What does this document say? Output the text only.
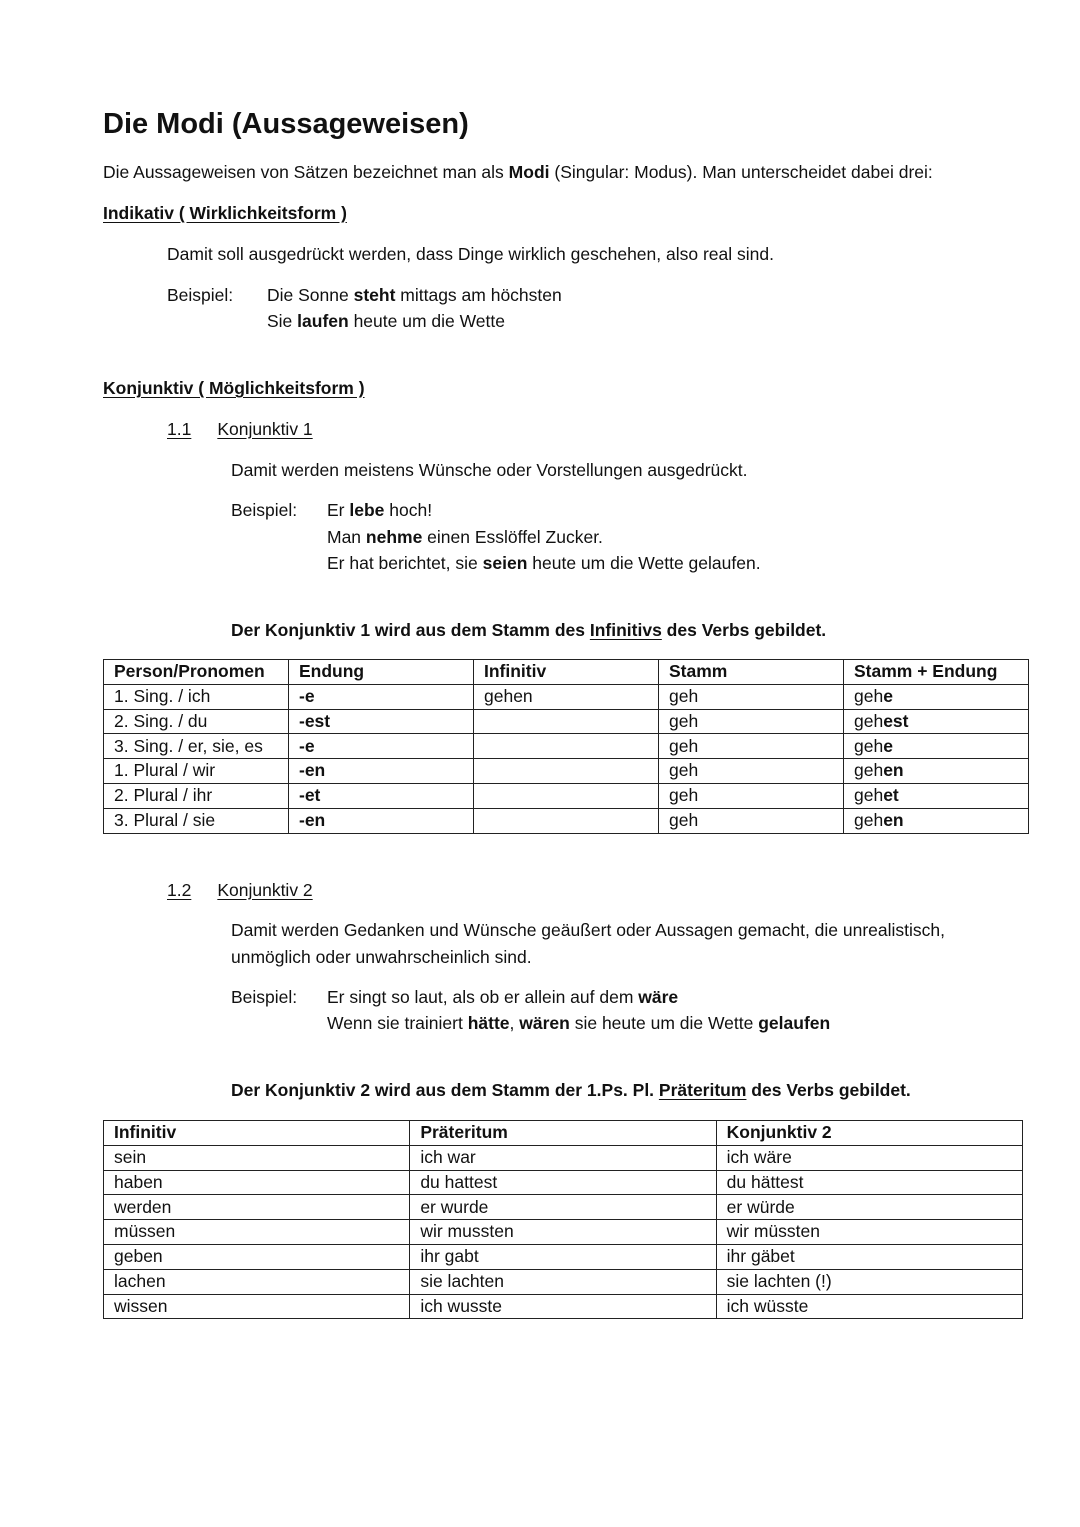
Die Modi (Aussageweisen)
Die Aussageweisen von Sätzen bezeichnet man als Modi (Singular: Modus). Man unterscheidet dabei drei:
Indikativ ( Wirklichkeitsform )
Damit soll ausgedrückt werden, dass Dinge wirklich geschehen, also real sind.
Beispiel: Die Sonne steht mittags am höchsten
Sie laufen heute um die Wette
Konjunktiv ( Möglichkeitsform )
1.1 Konjunktiv 1
Damit werden meistens Wünsche oder Vorstellungen ausgedrückt.
Beispiel: Er lebe hoch!
Man nehme einen Esslöffel Zucker.
Er hat berichtet, sie seien heute um die Wette gelaufen.
Der Konjunktiv 1 wird aus dem Stamm des Infinitivs des Verbs gebildet.
Person/Pronomen	Endung	Infinitiv	Stamm	Stamm + Endung
1. Sing. / ich	-e	gehen	geh	gehe
2. Sing. / du	-est		geh	gehest
3. Sing. / er, sie, es	-e		geh	gehe
1. Plural / wir	-en		geh	gehen
2. Plural / ihr	-et		geh	gehet
3. Plural / sie	-en		geh	gehen
1.2 Konjunktiv 2
Damit werden Gedanken und Wünsche geäußert oder Aussagen gemacht, die unrealistisch,
unmöglich oder unwahrscheinlich sind.
Beispiel: Er singt so laut, als ob er allein auf dem wäre
Wenn sie trainiert hätte, wären sie heute um die Wette gelaufen
Der Konjunktiv 2 wird aus dem Stamm der 1.Ps. Pl. Präteritum des Verbs gebildet.
Infinitiv	Präteritum	Konjunktiv 2
sein	ich war	ich wäre
haben	du hattest	du hättest
werden	er wurde	er würde
müssen	wir mussten	wir müssten
geben	ihr gabt	ihr gäbet
lachen	sie lachten	sie lachten (!)
wissen	ich wusste	ich wüsste
